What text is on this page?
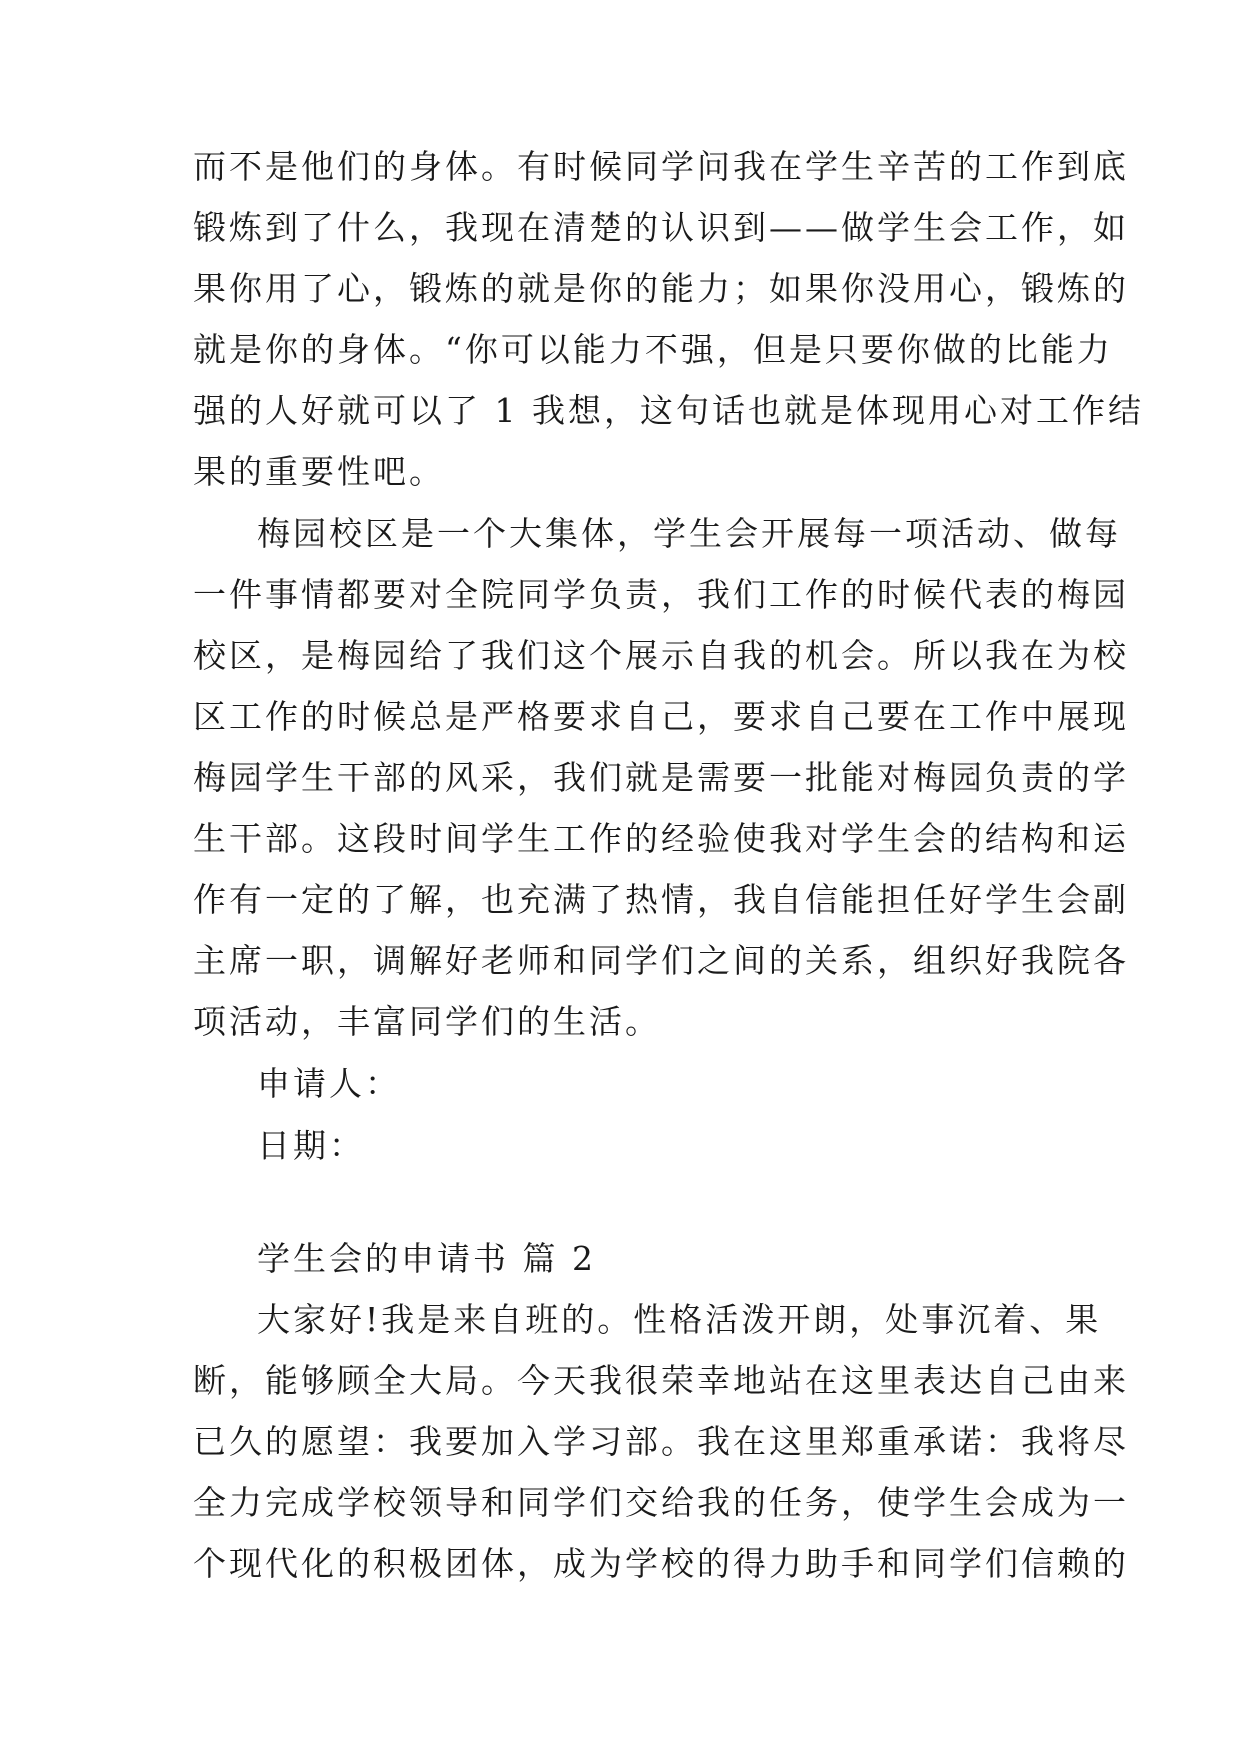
而不是他们的身体。有时候同学问我在学生辛苦的工作到底
锻炼到了什么，我现在清楚的认识到——做学生会工作，如
果你用了心，锻炼的就是你的能力；如果你没用心，锻炼的
就是你的身体。“你可以能力不强，但是只要你做的比能力
强的人好就可以了 1 我想，这句话也就是体现用心对工作结
果的重要性吧。
梅园校区是一个大集体，学生会开展每一项活动、做每
一件事情都要对全院同学负责，我们工作的时候代表的梅园
校区，是梅园给了我们这个展示自我的机会。所以我在为校
区工作的时候总是严格要求自己，要求自己要在工作中展现
梅园学生干部的风采，我们就是需要一批能对梅园负责的学
生干部。这段时间学生工作的经验使我对学生会的结构和运
作有一定的了解，也充满了热情，我自信能担任好学生会副
主席一职，调解好老师和同学们之间的关系，组织好我院各
项活动，丰富同学们的生活。
申请人：
日期：
学生会的申请书 篇 2
大家好!我是来自班的。性格活泼开朗，处事沉着、果
断，能够顾全大局。今天我很荣幸地站在这里表达自己由来
已久的愿望：我要加入学习部。我在这里郑重承诺：我将尽
全力完成学校领导和同学们交给我的任务，使学生会成为一
个现代化的积极团体，成为学校的得力助手和同学们信赖的
